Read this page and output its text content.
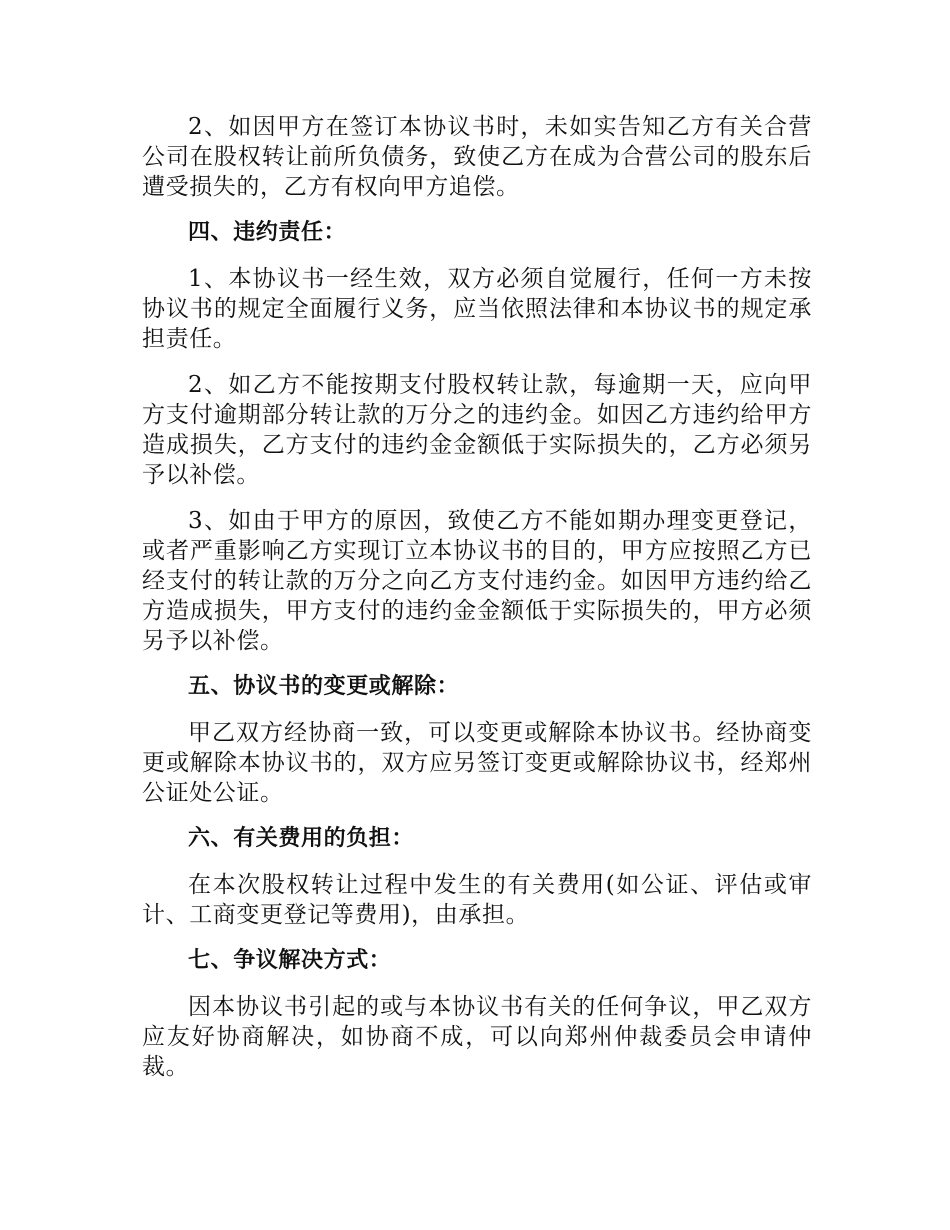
2、如因甲方在签订本协议书时，未如实告知乙方有关合营公司在股权转让前所负债务，致使乙方在成为合营公司的股东后遭受损失的，乙方有权向甲方追偿。

四、违约责任：

1、本协议书一经生效，双方必须自觉履行，任何一方未按协议书的规定全面履行义务，应当依照法律和本协议书的规定承担责任。

2、如乙方不能按期支付股权转让款，每逾期一天，应向甲方支付逾期部分转让款的万分之的违约金。如因乙方违约给甲方造成损失，乙方支付的违约金金额低于实际损失的，乙方必须另予以补偿。

3、如由于甲方的原因，致使乙方不能如期办理变更登记，或者严重影响乙方实现订立本协议书的目的，甲方应按照乙方已经支付的转让款的万分之向乙方支付违约金。如因甲方违约给乙方造成损失，甲方支付的违约金金额低于实际损失的，甲方必须另予以补偿。

五、协议书的变更或解除：

甲乙双方经协商一致，可以变更或解除本协议书。经协商变更或解除本协议书的，双方应另签订变更或解除协议书，经郑州公证处公证。

六、有关费用的负担：

在本次股权转让过程中发生的有关费用(如公证、评估或审计、工商变更登记等费用)，由承担。

七、争议解决方式：

因本协议书引起的或与本协议书有关的任何争议，甲乙双方应友好协商解决，如协商不成，可以向郑州仲裁委员会申请仲裁。
